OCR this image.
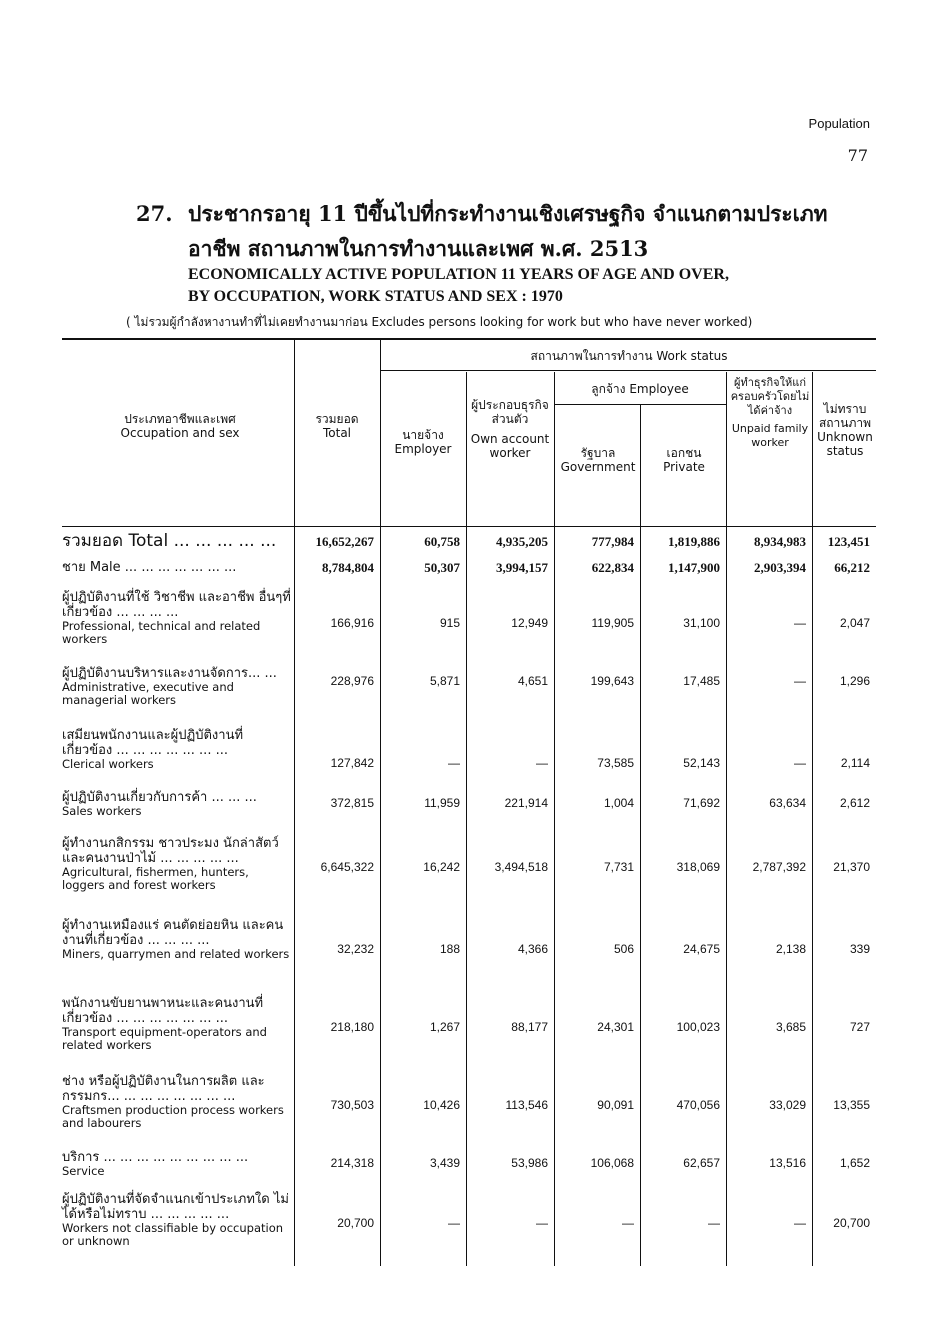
Population
77
27. ประชากรอายุ 11 ปีขึ้นไปที่กระทำงานเชิงเศรษฐกิจ จำแนกตามประเภท
อาชีพ สถานภาพในการทำงานและเพศ พ.ศ. 2513
ECONOMICALLY ACTIVE POPULATION 11 YEARS OF AGE AND OVER,
BY OCCUPATION, WORK STATUS AND SEX : 1970
( ไม่รวมผู้กำลังหางานทำที่ไม่เคยทำงานมาก่อน Excludes persons looking for work but who have never worked)
ประเภทอาชีพและเพศ
Occupation and sex
รวมยอด
Total
สถานภาพในการทำงาน Work status
นายจ้าง
Employer
ผู้ประกอบธุรกิจส่วนตัว
Own account worker
ลูกจ้าง Employee
รัฐบาล
Government
เอกชน
Private
ผู้ทำธุรกิจให้แก่ครอบครัวโดยไม่ได้ค่าจ้าง
Unpaid family worker
ไม่ทราบสถานภาพ
Unknown status
รวมยอด Total ... ... ... ... ...	16,652,267	60,758	4,935,205	777,984	1,819,886	8,934,983	123,451
ชาย Male ... ... ... ... ... ... ...	8,784,804	50,307	3,994,157	622,834	1,147,900	2,903,394	66,212
ผู้ปฏิบัติงานที่ใช้ วิชาชีพ และอาชีพ อื่นๆที่เกี่ยวข้อง ... ... ... ...
Professional, technical and related workers
166,916	915	12,949	119,905	31,100	—	2,047
ผู้ปฏิบัติงานบริหารและงานจัดการ... ...
Administrative, executive and managerial workers
228,976	5,871	4,651	199,643	17,485	—	1,296
เสมียนพนักงานและผู้ปฏิบัติงานที่ เกี่ยวข้อง ... ... ... ... ... ... ...
Clerical workers	127,842	—	—	73,585	52,143	—	2,114
ผู้ปฏิบัติงานเกี่ยวกับการค้า ... ... ...
Sales workers
372,815	11,959	221,914	1,004	71,692	63,634	2,612
ผู้ทำงานกสิกรรม ชาวประมง นักล่าสัตว์ และคนงานป่าไม้ ... ... ... ... ...
Agricultural, fishermen, hunters, loggers and forest workers
6,645,322	16,242	3,494,518	7,731	318,069	2,787,392	21,370
ผู้ทำงานเหมืองแร่ คนตัดย่อยหิน และคนงานที่เกี่ยวข้อง ... ... ... ...
Miners, quarrymen and related workers	32,232	188	4,366	506	24,675	2,138	339
พนักงานขับยานพาหนะและคนงานที่ เกี่ยวข้อง ... ... ... ... ... ... ...
Transport equipment-operators and related workers
218,180	1,267	88,177	24,301	100,023	3,685	727
ช่าง หรือผู้ปฏิบัติงานในการผลิต และ กรรมกร... ... ... ... ... ... ... ...
Craftsmen production process workers and labourers
730,503	10,426	113,546	90,091	470,056	33,029	13,355
บริการ ... ... ... ... ... ... ... ... ...
Service
214,318	3,439	53,986	106,068	62,657	13,516	1,652
ผู้ปฏิบัติงานที่จัดจำแนกเข้าประเภทใด ไม่ได้หรือไม่ทราบ ... ... ... ... ...
Workers not classifiable by occupation or unknown
20,700	—	—	—	—	—	20,700
